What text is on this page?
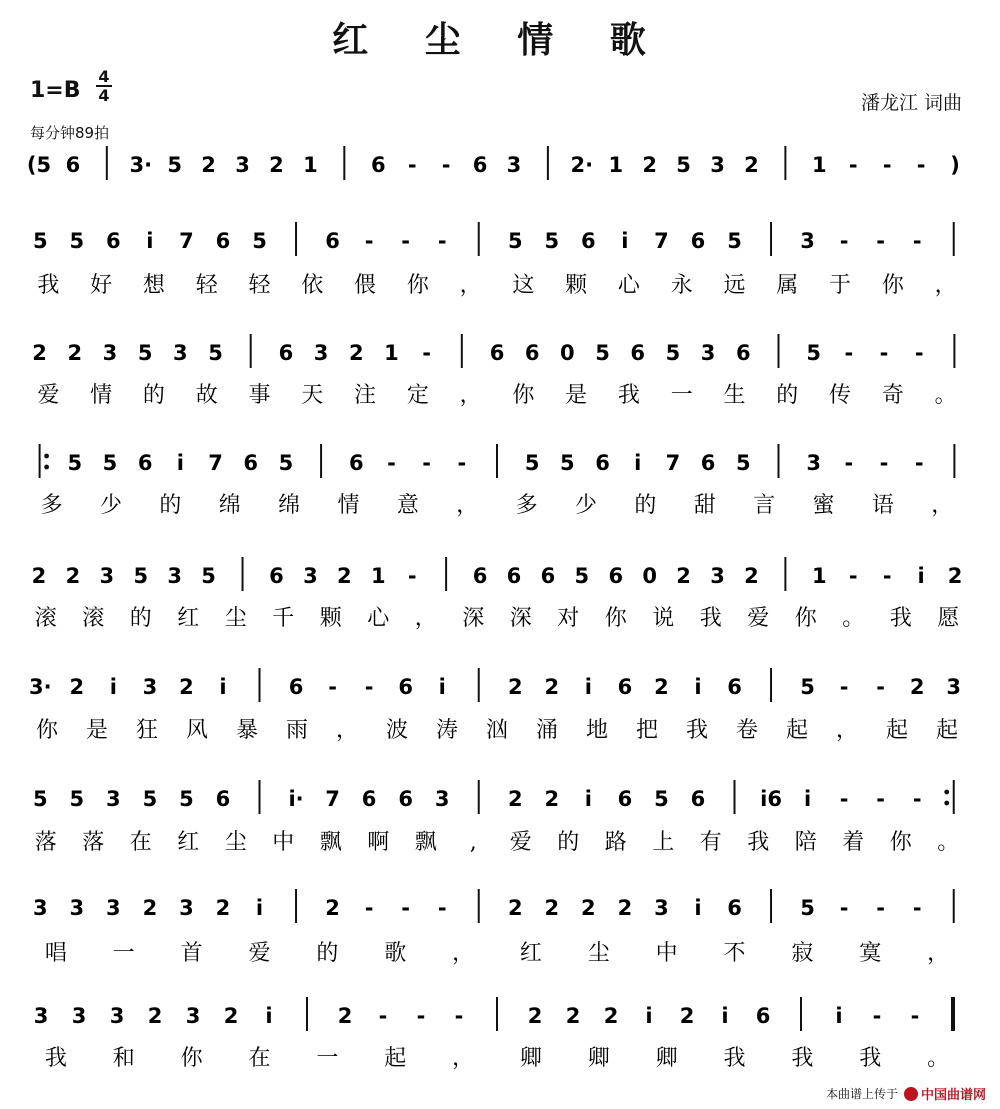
红 尘 情 歌
1=B
4
4
每分钟89拍
潘龙江 词曲
(5 6 3· 5 2 3 2 1	6 - - 6 3 2· 1 2 5 3 2	1 - - - )
5 5 6 i 7 6 5	6 - - -	5 5 6 i 7 6 5	3 - - -
我 好 想 轻 轻 依 偎 你 ， 这 颗 心 永 远 属 于 你 ，
2 2 3 5 3 5	6 3 2 1 -	6 6 0 5 6 5 3 6	5 - - -
爱 情 的 故 事 天 注 定 ， 你 是 我 一 生 的 传 奇 。
5 5 6 i 7 6 5	6 - - -	5 5 6 i 7 6 5	3 - - -
多 少 的 绵 绵 情 意 ， 多 少 的 甜 言 蜜 语 ，
2 2 3 5 3 5	6 3 2 1 -	6 6 6 5 6 0 2 3 2	1 - - i 2
滚 滚 的 红 尘 千 颗 心 ， 深 深 对 你 说 我 爱 你 。 我 愿
3· 2 i 3 2 i	6 - - 6 i	2 2 i 6 2 i 6	5 - - 2 3
你 是 狂 风 暴 雨 ， 波 涛 汹 涌 地 把 我 卷 起 ， 起 起
5 5 3 5 5 6	i· 7 6 6 3	2 2 i 6 5 6	i6 i - - -
落 落 在 红 尘 中 飘 啊 飘 , 爱 的 路 上 有 我 陪 着 你 。
3 3 3 2 3 2 i	2 - - -	2 2 2 2 3 i 6	5 - - -
唱 一 首 爱 的 歌 ， 红 尘 中 不 寂 寞 ，
3 3 3 2 3 2 i	2 - - -	2 2 2 i 2 i 6	i - -
我 和 你 在 一 起 ， 卿 卿 卿 我 我 我 。
本曲谱上传于 中国曲谱网
